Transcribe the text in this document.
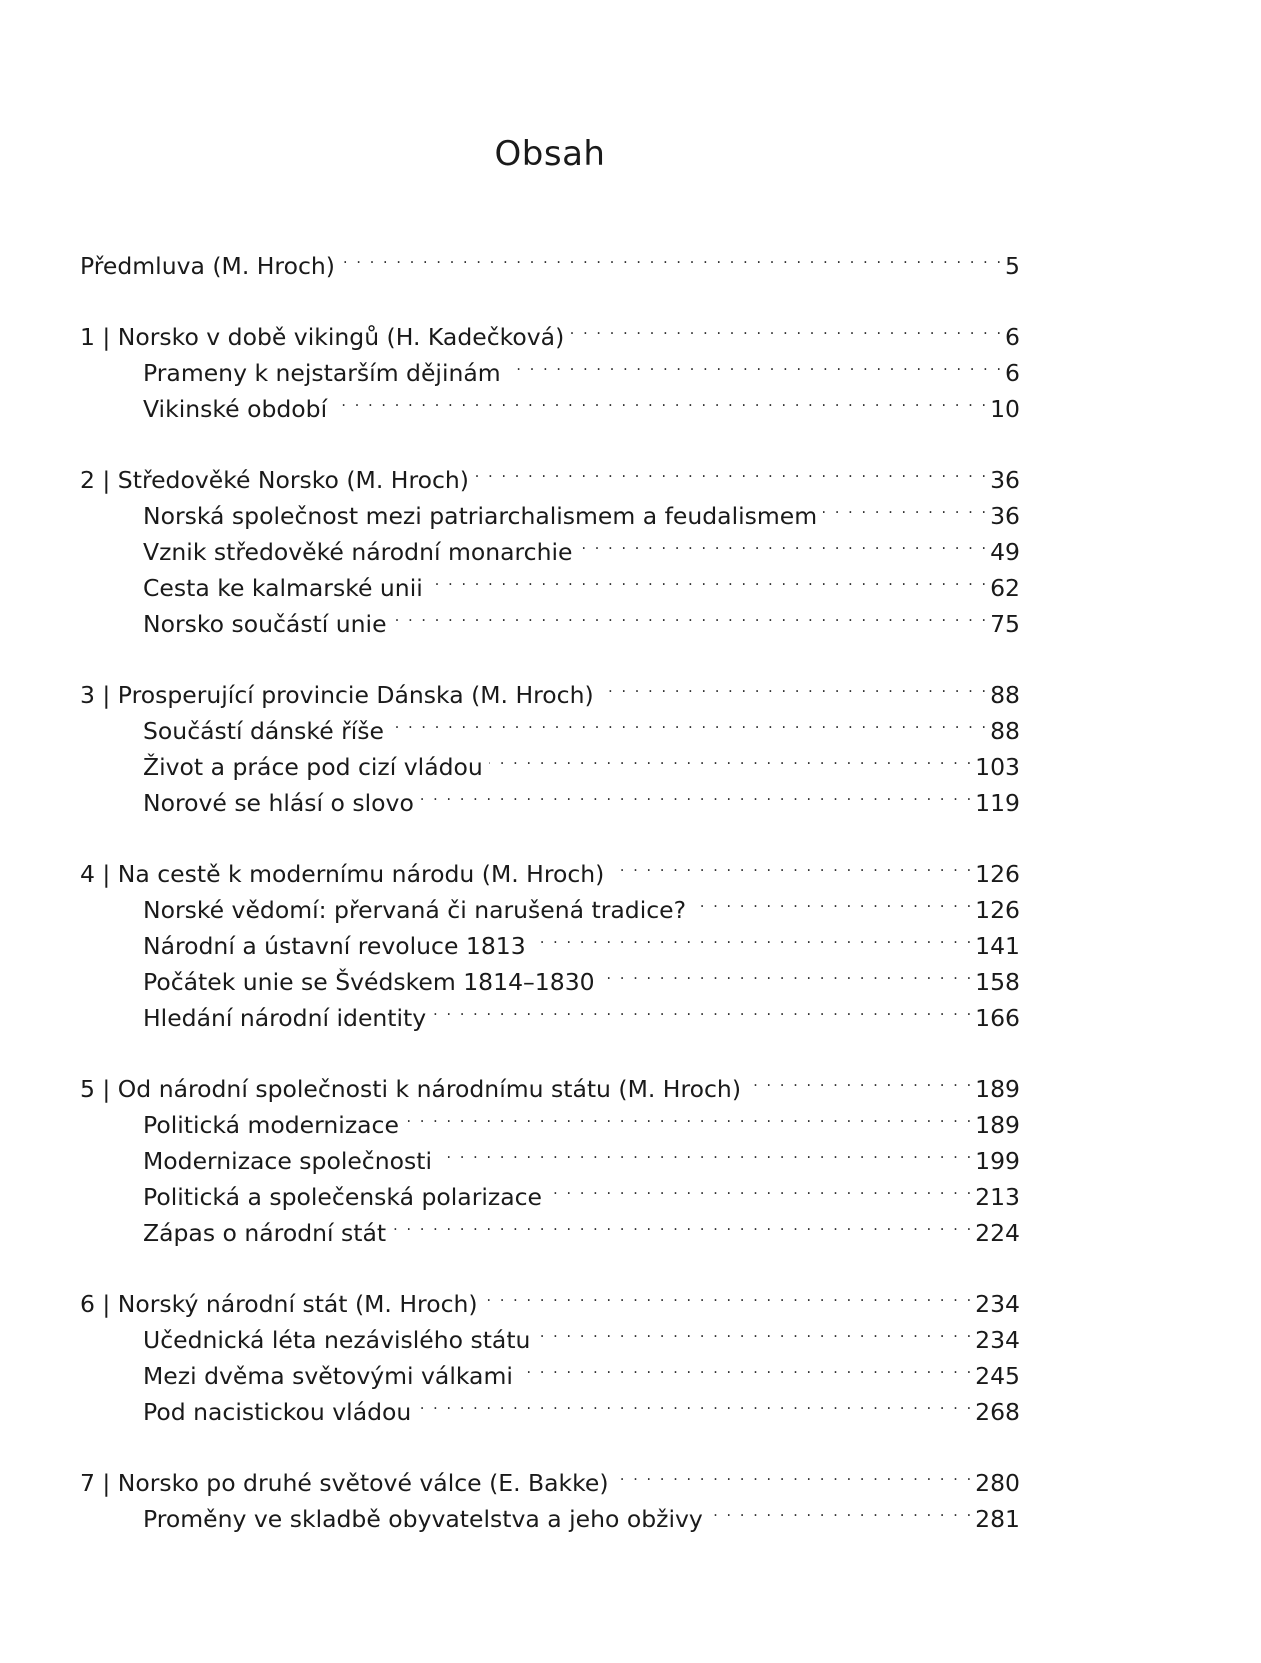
Obsah
Předmluva (M. Hroch) . . .	5
1 | Norsko v době vikingů (H. Kadečková) . . .	6
Prameny k nejstarším dějinám . . .	6
Vikinské období . . .	10
2 | Středověké Norsko (M. Hroch) . . .	36
Norská společnost mezi patriarchalismem a feudalismem . . .	36
Vznik středověké národní monarchie . . .	49
Cesta ke kalmarské unii . . .	62
Norsko součástí unie . . .	75
3 | Prosperující provincie Dánska (M. Hroch) . . .	88
Součástí dánské říše . . .	88
Život a práce pod cizí vládou . . .	103
Norové se hlásí o slovo . . .	119
4 | Na cestě k modernímu národu (M. Hroch) . . .	126
Norské vědomí: přervaná či narušená tradice? . . .	126
Národní a ústavní revoluce 1813 . . .	141
Počátek unie se Švédskem 1814–1830 . . .	158
Hledání národní identity . . .	166
5 | Od národní společnosti k národnímu státu (M. Hroch) . . .	189
Politická modernizace . . .	189
Modernizace společnosti . . .	199
Politická a společenská polarizace . . .	213
Zápas o národní stát . . .	224
6 | Norský národní stát (M. Hroch) . . .	234
Učednická léta nezávislého státu . . .	234
Mezi dvěma světovými válkami . . .	245
Pod nacistickou vládou . . .	268
7 | Norsko po druhé světové válce (E. Bakke) . . .	280
Proměny ve skladbě obyvatelstva a jeho obživy . . .	281
